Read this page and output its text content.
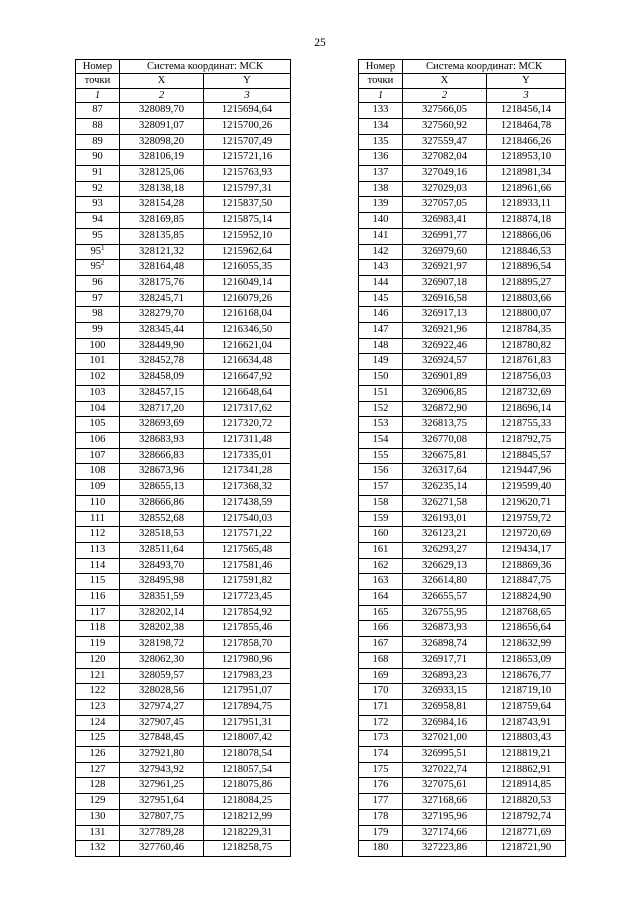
25
Номер	Система координат: МСК	
точки	X	Y
1	2	3
87	328089,70	1215694,64
88	328091,07	1215700,26
89	328098,20	1215707,49
90	328106,19	1215721,16
91	328125,06	1215763,93
92	328138,18	1215797,31
93	328154,28	1215837,50
94	328169,85	1215875,14
95	328135,85	1215952,10
$95^1$	328121,32	1215962,64
$95^2$	328164,48	1216055,35
96	328175,76	1216049,14
97	328245,71	1216079,26
98	328279,70	1216168,04
99	328345,44	1216346,50
100	328449,90	1216621,04
101	328452,78	1216634,48
102	328458,09	1216647,92
103	328457,15	1216648,64
104	328717,20	1217317,62
105	328693,69	1217320,72
106	328683,93	1217311,48
107	328666,83	1217335,01
108	328673,96	1217341,28
109	328655,13	1217368,32
110	328666,86	1217438,59
111	328552,68	1217540,03
112	328518,53	1217571,22
113	328511,64	1217565,48
114	328493,70	1217581,46
115	328495,98	1217591,82
116	328351,59	1217723,45
117	328202,14	1217854,92
118	328202,38	1217855,46
119	328198,72	1217858,70
120	328062,30	1217980,96
121	328059,57	1217983,23
122	328028,56	1217951,07
123	327974,27	1217894,75
124	327907,45	1217951,31
125	327848,45	1218007,42
126	327921,80	1218078,54
127	327943,92	1218057,54
128	327961,25	1218075,86
129	327951,64	1218084,25
130	327807,75	1218212,99
131	327789,28	1218229,31
132	327760,46	1218258,75
Номер	Система координат: МСК	
точки	X	Y
1	2	3
133	327566,05	1218456,14
134	327560,92	1218464,78
135	327559,47	1218466,26
136	327082,04	1218953,10
137	327049,16	1218981,34
138	327029,03	1218961,66
139	327057,05	1218933,11
140	326983,41	1218874,18
141	326991,77	1218866,06
142	326979,60	1218846,53
143	326921,97	1218896,54
144	326907,18	1218895,27
145	326916,58	1218803,66
146	326917,13	1218800,07
147	326921,96	1218784,35
148	326922,46	1218780,82
149	326924,57	1218761,83
150	326901,89	1218756,03
151	326906,85	1218732,69
152	326872,90	1218696,14
153	326813,75	1218755,33
154	326770,08	1218792,75
155	326675,81	1218845,57
156	326317,64	1219447,96
157	326235,14	1219599,40
158	326271,58	1219620,71
159	326193,01	1219759,72
160	326123,21	1219720,69
161	326293,27	1219434,17
162	326629,13	1218869,36
163	326614,80	1218847,75
164	326655,57	1218824,90
165	326755,95	1218768,65
166	326873,93	1218656,64
167	326898,74	1218632,99
168	326917,71	1218653,09
169	326893,23	1218676,77
170	326933,15	1218719,10
171	326958,81	1218759,64
172	326984,16	1218743,91
173	327021,00	1218803,43
174	326995,51	1218819,21
175	327022,74	1218862,91
176	327075,61	1218914,85
177	327168,66	1218820,53
178	327195,96	1218792,74
179	327174,66	1218771,69
180	327223,86	1218721,90
